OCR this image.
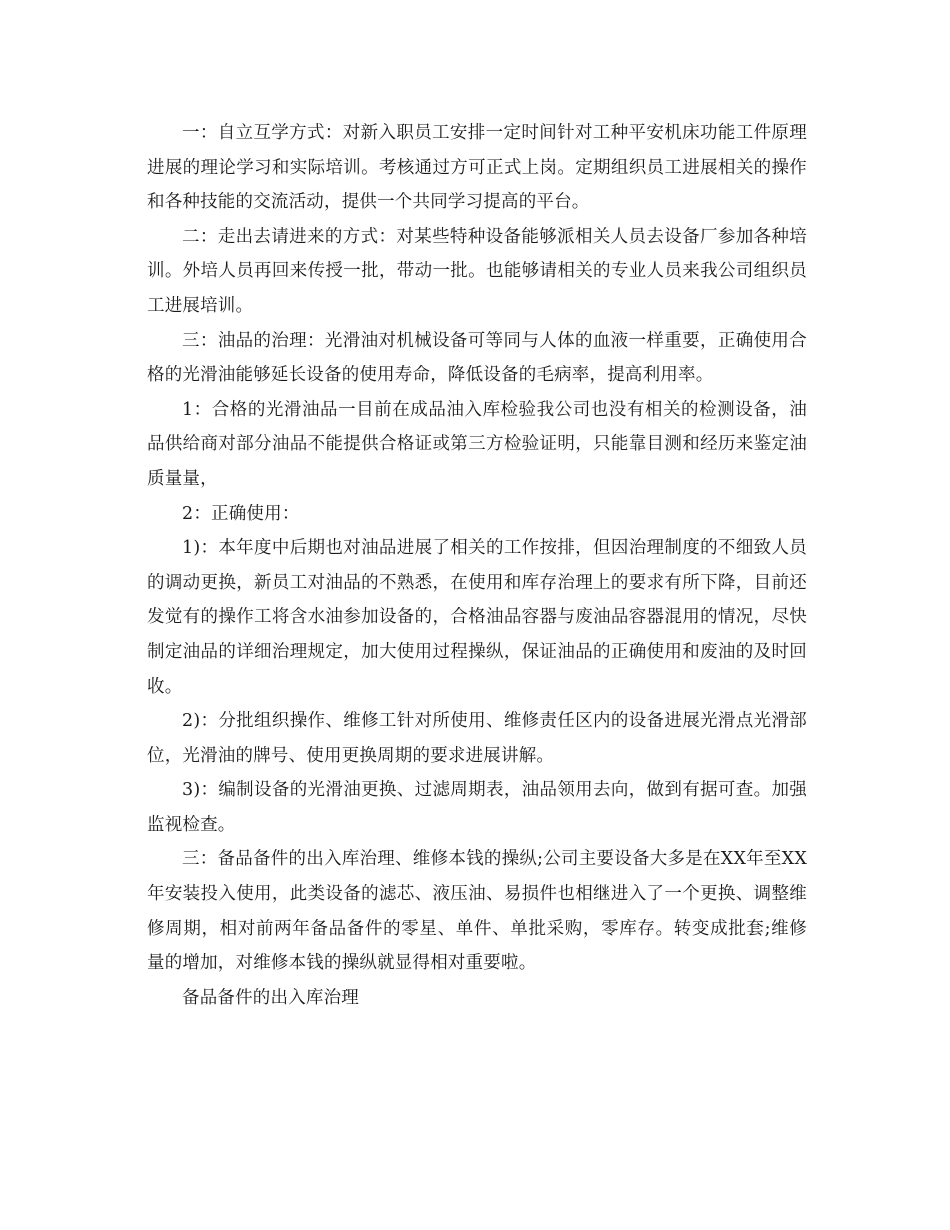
一：自立互学方式：对新入职员工安排一定时间针对工种平安机床功能工件原理进展的理论学习和实际培训。考核通过方可正式上岗。定期组织员工进展相关的操作和各种技能的交流活动，提供一个共同学习提高的平台。

二：走出去请进来的方式：对某些特种设备能够派相关人员去设备厂参加各种培训。外培人员再回来传授一批，带动一批。也能够请相关的专业人员来我公司组织员工进展培训。

三：油品的治理：光滑油对机械设备可等同与人体的血液一样重要，正确使用合格的光滑油能够延长设备的使用寿命，降低设备的毛病率，提高利用率。

1：合格的光滑油品一目前在成品油入库检验我公司也没有相关的检测设备，油品供给商对部分油品不能提供合格证或第三方检验证明，只能靠目测和经历来鉴定油质量量，

2：正确使用：

1)：本年度中后期也对油品进展了相关的工作按排，但因治理制度的不细致人员的调动更换，新员工对油品的不熟悉，在使用和库存治理上的要求有所下降，目前还发觉有的操作工将含水油参加设备的，合格油品容器与废油品容器混用的情况，尽快制定油品的详细治理规定，加大使用过程操纵，保证油品的正确使用和废油的及时回收。

2)：分批组织操作、维修工针对所使用、维修责任区内的设备进展光滑点光滑部位，光滑油的牌号、使用更换周期的要求进展讲解。

3)：编制设备的光滑油更换、过滤周期表，油品领用去向，做到有据可查。加强监视检查。

三：备品备件的出入库治理、维修本钱的操纵;公司主要设备大多是在XX年至XX年安装投入使用，此类设备的滤芯、液压油、易损件也相继进入了一个更换、调整维修周期，相对前两年备品备件的零星、单件、单批采购，零库存。转变成批套;维修量的增加，对维修本钱的操纵就显得相对重要啦。

备品备件的出入库治理
